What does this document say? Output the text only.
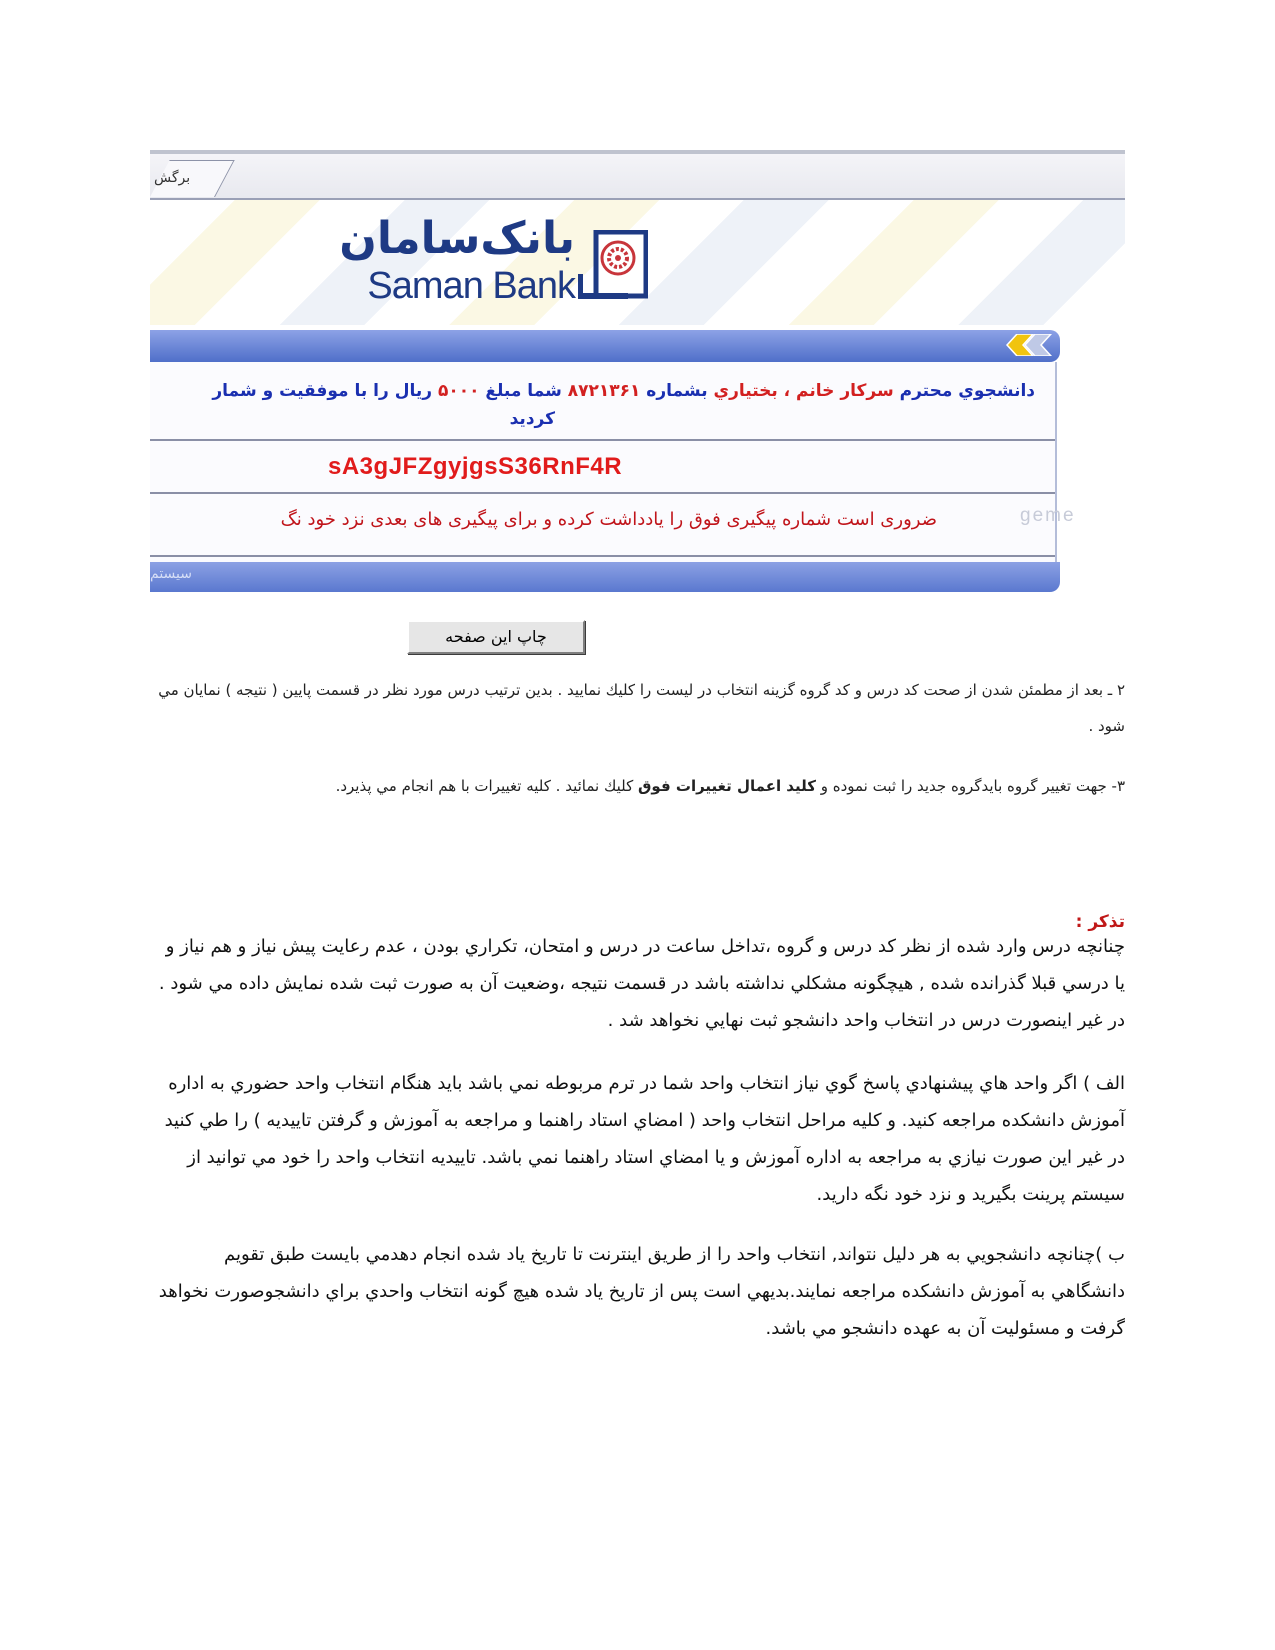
برگش
بانک‌سامان
Saman Bank
دانشجوي محترم سركار خانم ، بختياري بشماره ۸۷۲۱۳۶۱ شما مبلغ ۵۰۰۰ ريال را با موفقيت و شمار
كرديد
sA3gJFZgyjgsS36RnF4R
ضروری است شماره پیگیری فوق را یادداشت کرده و برای پیگیری های بعدی نزد خود نگ	geme
سيستم
چاپ اين صفحه
۲ ـ بعد از مطمئن شدن از صحت كد درس و كد گروه گزينه انتخاب در ليست را كليك نماييد . بدين ترتيب درس مورد نظر در قسمت پايين ( نتيجه ) نمايان مي شود .
۳- جهت تغيير گروه بايدگروه جديد را ثبت نموده و كليد اعمال تغييرات فوق كليك نمائيد . كليه تغييرات با هم انجام مي پذيرد.
تذكر :
چنانچه درس وارد شده از نظر كد درس و گروه ،تداخل ساعت در درس و امتحان، تكراري بودن ، عدم رعايت پيش نياز و هم نياز و يا درسي قبلا گذرانده شده , هيچگونه مشكلي نداشته باشد در قسمت نتيجه ،وضعيت آن به صورت ثبت شده نمايش داده مي شود . در غير اينصورت درس در انتخاب واحد دانشجو ثبت نهايي نخواهد شد .
الف ) اگر واحد هاي پيشنهادي پاسخ گوي نياز انتخاب واحد شما در ترم مربوطه نمي باشد بايد هنگام انتخاب واحد حضوري به اداره آموزش دانشكده مراجعه كنيد. و كليه مراحل انتخاب واحد ( امضاي استاد راهنما و مراجعه به آموزش و گرفتن تاييديه ) را طي كنيد در غير اين صورت نيازي به مراجعه به اداره آموزش و يا امضاي استاد راهنما نمي باشد. تاييديه انتخاب واحد را خود مي توانيد از سيستم پرينت بگيريد و نزد خود نگه داريد.
ب )چنانچه دانشجويي به هر دليل نتواند, انتخاب واحد را از طريق اينترنت تا تاريخ ياد شده انجام دهدمي بايست طبق تقويم دانشگاهي به آموزش دانشكده مراجعه نمايند.بديهي است پس از تاريخ ياد شده هيچ گونه انتخاب واحدي براي دانشجوصورت نخواهد گرفت و مسئوليت آن به عهده دانشجو مي باشد.
